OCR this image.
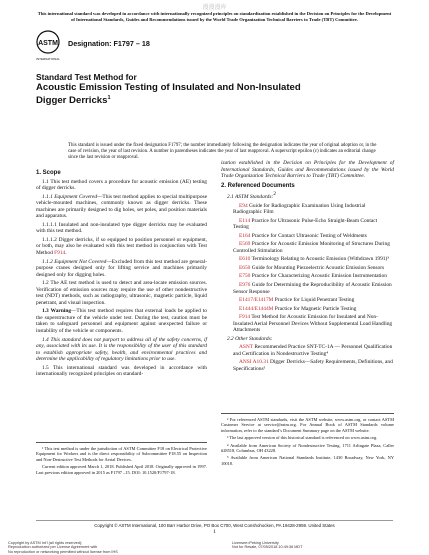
漫漫漫库
This international standard was developed in accordance with internationally recognized principles on standardization established in the Decision on Principles for the Development of International Standards, Guides and Recommendations issued by the World Trade Organization Technical Barriers to Trade (TBT) Committee.
ASTM
INTERNATIONAL
Designation: F1797 – 18
Standard Test Method for
Acoustic Emission Testing of Insulated and Non-Insulated
Digger Derricks$^1$
This standard is issued under the fixed designation F1797; the number immediately following the designation indicates the year of original adoption or, in the case of revision, the year of last revision. A number in parentheses indicates the year of last reapproval. A superscript epsilon (ε) indicates an editorial change since the last revision or reapproval.

1. Scope

1.1 This test method covers a procedure for acoustic emission (AE) testing of digger derricks.

1.1.1 Equipment Covered—This test method applies to special multipurpose vehicle-mounted machines, commonly known as digger derricks. These machines are primarily designed to dig holes, set poles, and position materials and apparatus.

1.1.1.1 Insulated and non-insulated type digger derricks may be evaluated with this test method.

1.1.1.2 Digger derricks, if so equipped to position personnel or equipment, or both, may also be evaluated with this test method in conjunction with Test Method F914.

1.1.2 Equipment Not Covered—Excluded from this test method are general-purpose cranes designed only for lifting service and machines primarily designed only for digging holes.

1.2 The AE test method is used to detect and area-locate emission sources. Verification of emission sources may require the use of other nondestructive test (NDT) methods, such as radiography, ultrasonic, magnetic particle, liquid penetrant, and visual inspection.

1.3 Warning—This test method requires that external loads be applied to the superstructure of the vehicle under test. During the test, caution must be taken to safeguard personnel and equipment against unexpected failure or instability of the vehicle or components.

1.4 This standard does not purport to address all of the safety concerns, if any, associated with its use. It is the responsibility of the user of this standard to establish appropriate safety, health, and environmental practices and determine the applicability of regulatory limitations prior to use.

1.5 This international standard was developed in accordance with internationally recognized principles on standard-

ization established in the Decision on Principles for the Development of International Standards, Guides and Recommendations issued by the World Trade Organization Technical Barriers to Trade (TBT) Committee.

2. Referenced Documents

2.1 ASTM Standards:2

E94 Guide for Radiographic Examination Using Industrial Radiographic Film

E114 Practice for Ultrasonic Pulse-Echo Straight-Beam Contact Testing

E164 Practice for Contact Ultrasonic Testing of Weldments

E569 Practice for Acoustic Emission Monitoring of Structures During Controlled Stimulation

E610 Terminology Relating to Acoustic Emission (Withdrawn 1991)³

E650 Guide for Mounting Piezoelectric Acoustic Emission Sensors

E750 Practice for Characterizing Acoustic Emission Instrumentation

E976 Guide for Determining the Reproducibility of Acoustic Emission Sensor Response

E1417/E1417M Practice for Liquid Penetrant Testing

E1444/E1444M Practice for Magnetic Particle Testing

F914 Test Method for Acoustic Emission for Insulated and Non-Insulated Aerial Personnel Devices Without Supplemental Load Handling Attachments

2.2 Other Standards:

ASNT Recommended Practice SNT-TC-1A — Personnel Qualification and Certification in Nondestructive Testing⁴

ANSI A10.31 Digger Derricks—Safety Requirements, Definitions, and Specifications⁵

¹ This test method is under the jurisdiction of ASTM Committee F18 on Electrical Protective Equipment for Workers and is the direct responsibility of Subcommittee F18.55 on Inspection and Non-Destructive Test Methods for Aerial Devices.

Current edition approved March 1, 2018. Published April 2018. Originally approved in 1997. Last previous edition approved in 2015 as F1797 –15. DOI: 10.1520/F1797-18.

² For referenced ASTM standards, visit the ASTM website, www.astm.org, or contact ASTM Customer Service at service@astm.org. For Annual Book of ASTM Standards volume information, refer to the standard’s Document Summary page on the ASTM website.

³ The last approved version of this historical standard is referenced on www.astm.org.

⁴ Available from American Society of Nondestructive Testing, 1711 Arlingate Plaza, Caller #28518, Columbus, OH 43228.

⁵ Available from American National Standards Institute, 1430 Broadway, New York, NY 10018.

Copyright © ASTM International, 100 Barr Harbor Drive, PO Box C700, West Conshohocken, PA 19428-2959. United States
1
Copyright by ASTM Int'l (all rights reserved);
Reproduction authorized per License Agreement with
No reproduction or networking permitted without license from IHS
Licensee=Peking University
Not for Resale, 07/05/2018 10:49:36 MDT
